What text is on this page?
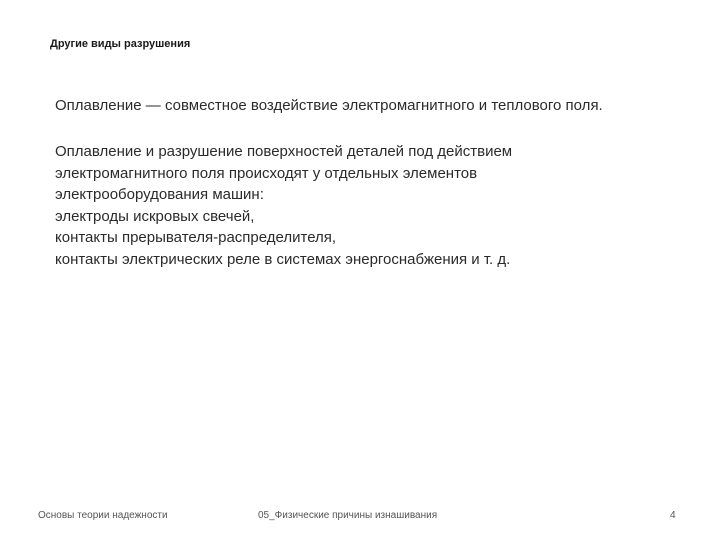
Другие виды разрушения
Оплавление — совместное воздействие электромагнитного и теплового поля.
Оплавление и разрушение поверхностей деталей под действием
электромагнитного поля происходят у отдельных элементов
электрооборудования машин:
электроды искровых свечей,
контакты прерывателя-распределителя,
контакты электрических реле в системах энергоснабжения и т. д.
Основы теории надежности	05_Физические причины изнашивания	4
